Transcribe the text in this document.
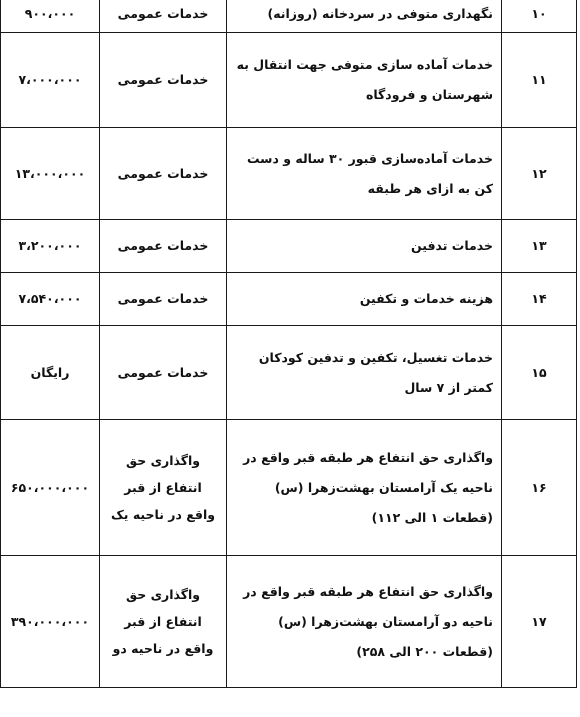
۱۰	نگهداری متوفی در سردخانه (روزانه)	خدمات عمومی	۹۰۰،۰۰۰
۱۱	خدمات آماده سازی متوفی جهت انتقال به شهرستان و فرودگاه	خدمات عمومی	۷،۰۰۰،۰۰۰
۱۲	خدمات آماده‌سازی قبور ۳۰ ساله و دست کن به ازای هر طبقه	خدمات عمومی	۱۳،۰۰۰،۰۰۰
۱۳	خدمات تدفین	خدمات عمومی	۳،۲۰۰،۰۰۰
۱۴	هزینه خدمات و تکفین	خدمات عمومی	۷،۵۴۰،۰۰۰
۱۵	خدمات تغسیل، تکفین و تدفین کودکان کمتر از ۷ سال	خدمات عمومی	رایگان
۱۶	واگذاری حق انتفاع هر طبقه قبر واقع در ناحیه یک آرامستان بهشت‌زهرا (س) (قطعات ۱ الی ۱۱۲)	واگذاری حق انتفاع از قبر واقع در ناحیه یک	۶۵۰،۰۰۰،۰۰۰
۱۷	واگذاری حق انتفاع هر طبقه قبر واقع در ناحیه دو آرامستان بهشت‌زهرا (س) (قطعات ۲۰۰ الی ۲۵۸)	واگذاری حق انتفاع از قبر واقع در ناحیه دو	۳۹۰،۰۰۰،۰۰۰
